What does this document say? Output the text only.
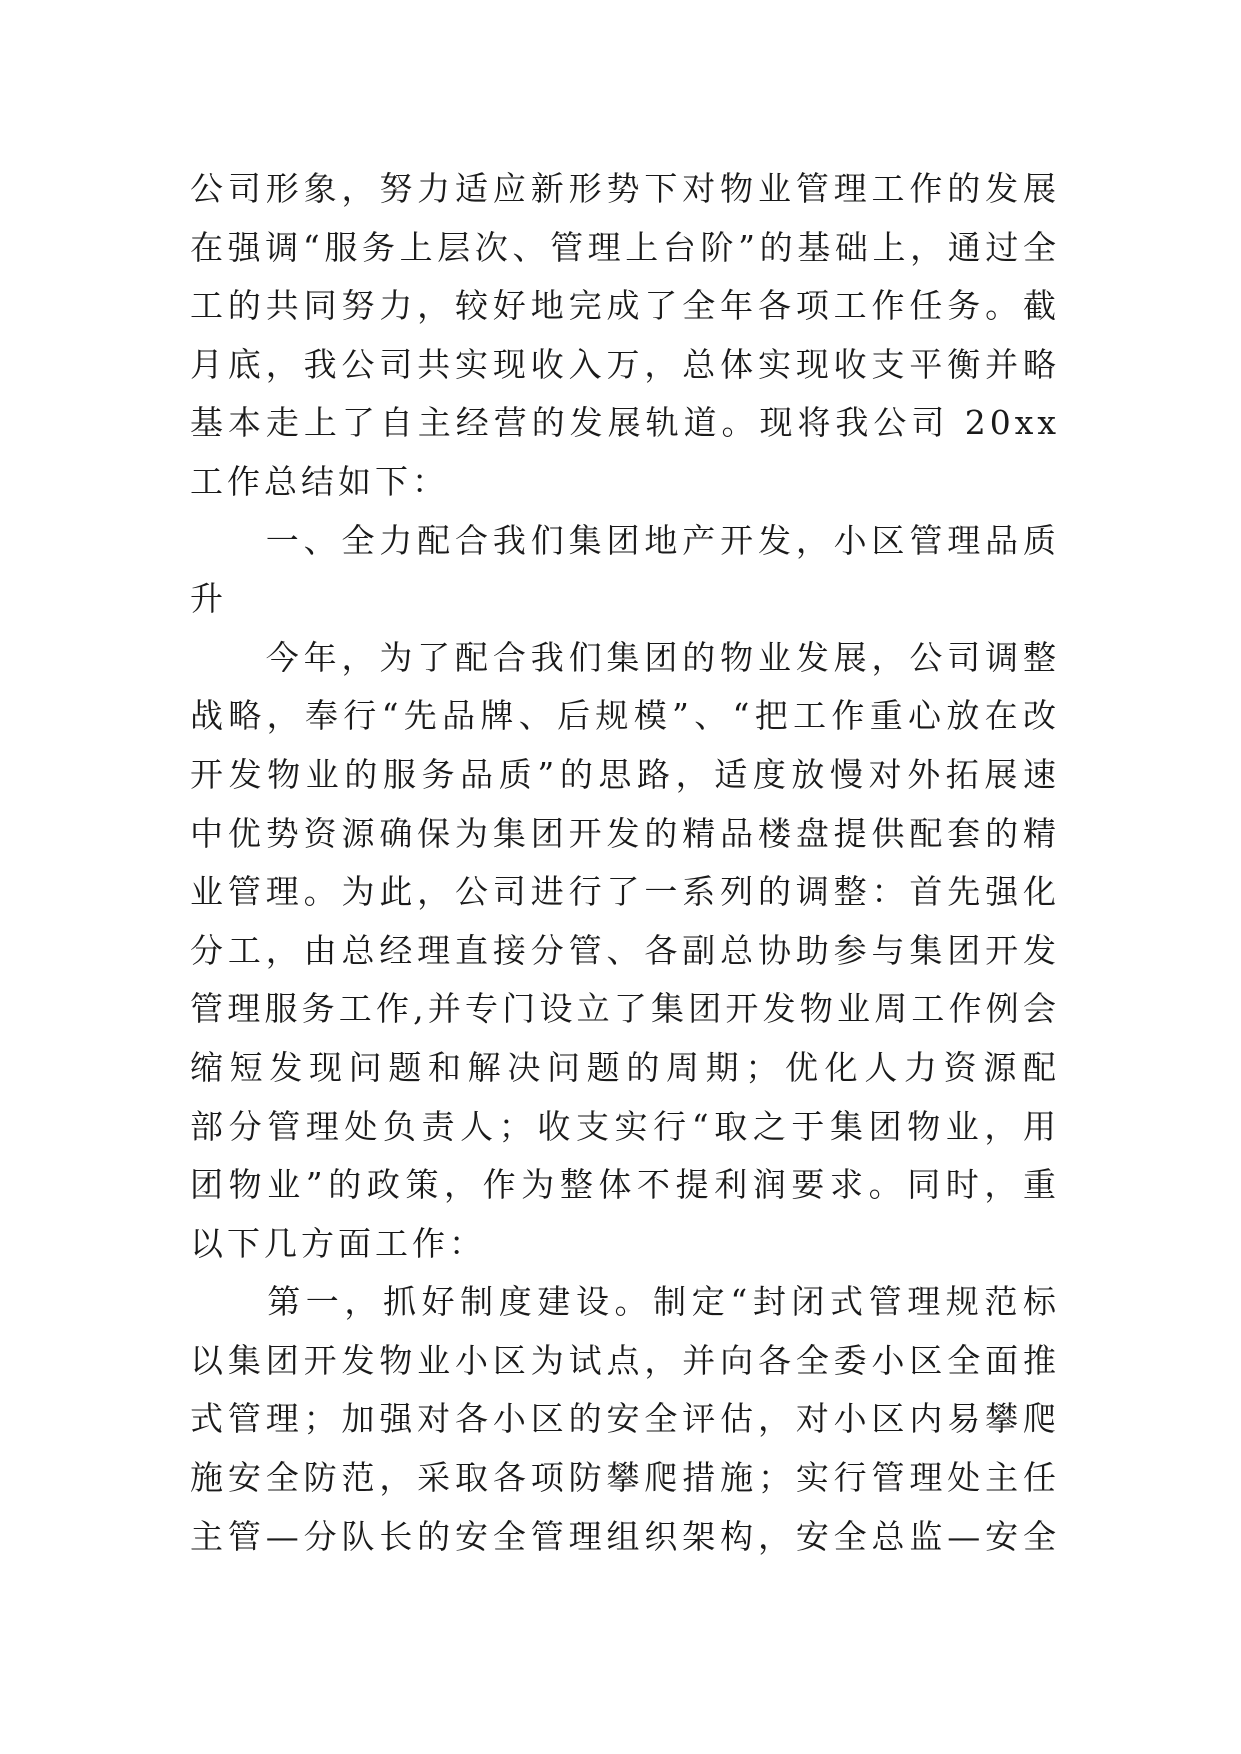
公司形象，努力适应新形势下对物业管理工作的发展
在强调“服务上层次、管理上台阶”的基础上，通过全
工的共同努力，较好地完成了全年各项工作任务。截
月底，我公司共实现收入万，总体实现收支平衡并略
基本走上了自主经营的发展轨道。现将我公司 20xx
工作总结如下：
　　一、全力配合我们集团地产开发，小区管理品质
升
　　今年，为了配合我们集团的物业发展，公司调整
战略，奉行“先品牌、后规模”、“把工作重心放在改
开发物业的服务品质”的思路，适度放慢对外拓展速
中优势资源确保为集团开发的精品楼盘提供配套的精
业管理。为此，公司进行了一系列的调整：首先强化
分工，由总经理直接分管、各副总协助参与集团开发
管理服务工作,并专门设立了集团开发物业周工作例会
缩短发现问题和解决问题的周期；优化人力资源配
部分管理处负责人；收支实行“取之于集团物业，用
团物业”的政策，作为整体不提利润要求。同时，重
以下几方面工作：
　　第一，抓好制度建设。制定“封闭式管理规范标
以集团开发物业小区为试点，并向各全委小区全面推
式管理；加强对各小区的安全评估，对小区内易攀爬
施安全防范，采取各项防攀爬措施；实行管理处主任
主管—分队长的安全管理组织架构，安全总监—安全
